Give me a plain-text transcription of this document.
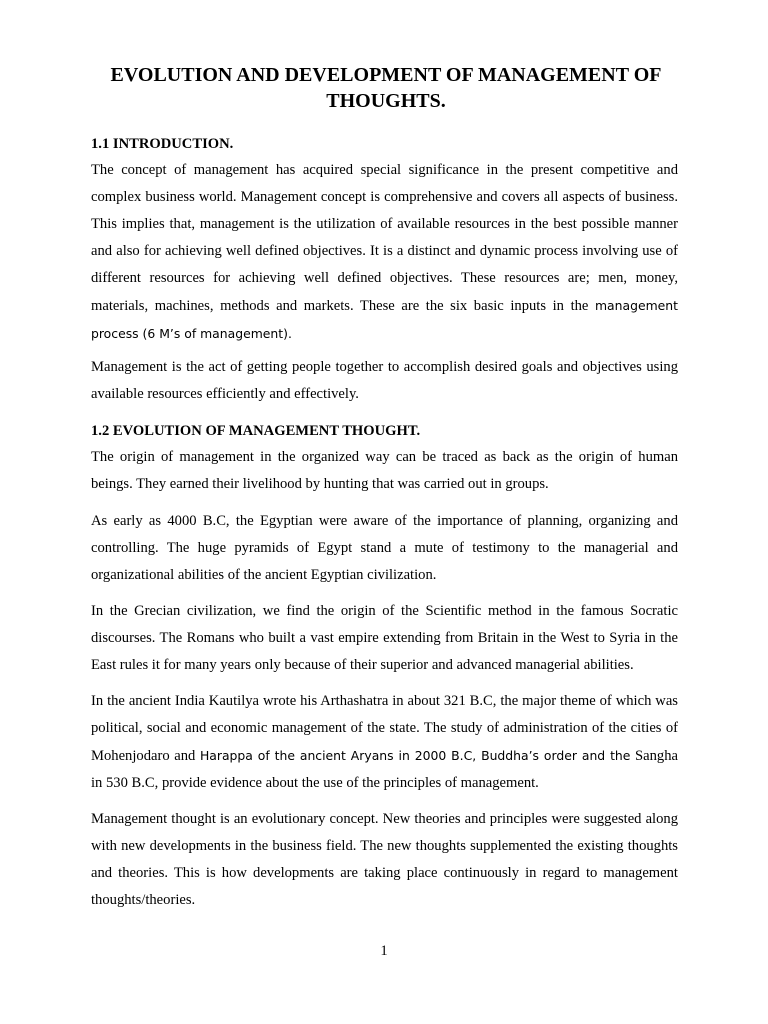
EVOLUTION AND DEVELOPMENT OF MANAGEMENT OF THOUGHTS.
1.1 INTRODUCTION.

The concept of management has acquired special significance in the present competitive and complex business world. Management concept is comprehensive and covers all aspects of business. This implies that, management is the utilization of available resources in the best possible manner and also for achieving well defined objectives. It is a distinct and dynamic process involving use of different resources for achieving well defined objectives. These resources are; men, money, materials, machines, methods and markets. These are the six basic inputs in the management process (6 M’s of management).

Management is the act of getting people together to accomplish desired goals and objectives using available resources efficiently and effectively.

1.2 EVOLUTION OF MANAGEMENT THOUGHT.

The origin of management in the organized way can be traced as back as the origin of human beings. They earned their livelihood by hunting that was carried out in groups.

As early as 4000 B.C, the Egyptian were aware of the importance of planning, organizing and controlling. The huge pyramids of Egypt stand a mute of testimony to the managerial and organizational abilities of the ancient Egyptian civilization.

In the Grecian civilization, we find the origin of the Scientific method in the famous Socratic discourses. The Romans who built a vast empire extending from Britain in the West to Syria in the East rules it for many years only because of their superior and advanced managerial abilities.

In the ancient India Kautilya wrote his Arthashatra in about 321 B.C, the major theme of which was political, social and economic management of the state. The study of administration of the cities of Mohenjodaro and Harappa of the ancient Aryans in 2000 B.C, Buddha’s order and the Sangha in 530 B.C, provide evidence about the use of the principles of management.

Management thought is an evolutionary concept. New theories and principles were suggested along with new developments in the business field. The new thoughts supplemented the existing thoughts and theories. This is how developments are taking place continuously in regard to management thoughts/theories.

1
